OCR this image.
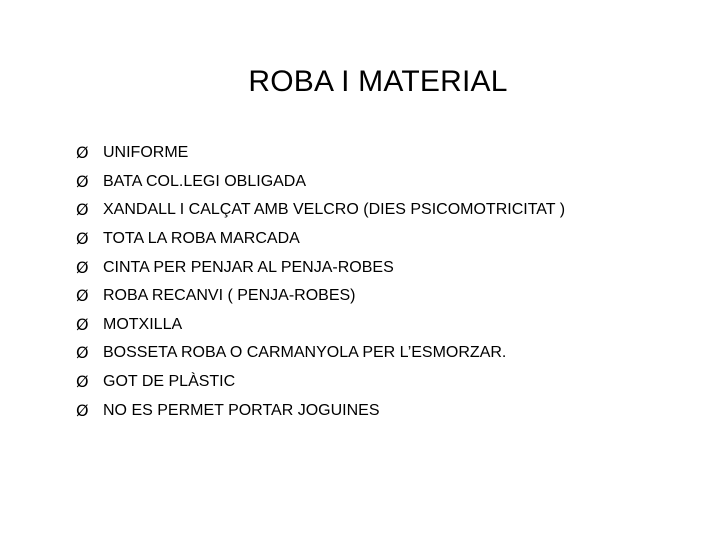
ROBA I MATERIAL
Ø UNIFORME
Ø BATA COL.LEGI OBLIGADA
Ø XANDALL I CALÇAT AMB VELCRO (DIES PSICOMOTRICITAT )
Ø TOTA LA ROBA MARCADA
Ø CINTA PER PENJAR AL PENJA-ROBES
Ø ROBA RECANVI ( PENJA-ROBES)
Ø MOTXILLA
Ø BOSSETA ROBA O CARMANYOLA PER L’ESMORZAR.
Ø GOT DE PLÀSTIC
Ø NO ES PERMET PORTAR JOGUINES
